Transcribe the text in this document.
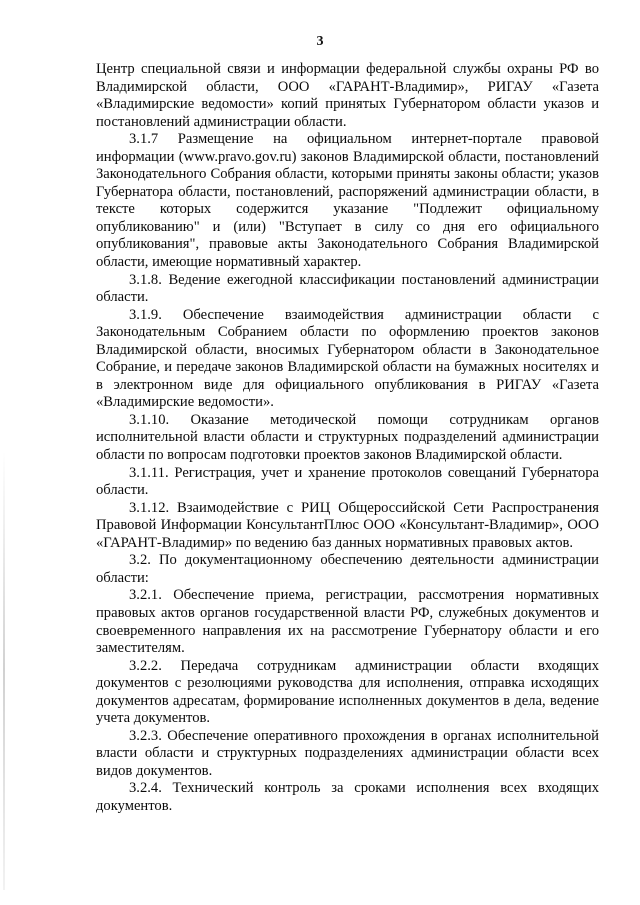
3

Центр специальной связи и информации федеральной службы охраны РФ во Владимирской области, ООО «ГАРАНТ-Владимир», РИГАУ «Газета «Владимирские ведомости» копий принятых Губернатором области указов и постановлений администрации области.

3.1.7 Размещение на официальном интернет-портале правовой информации (www.pravo.gov.ru) законов Владимирской области, постановлений Законодательного Собрания области, которыми приняты законы области; указов Губернатора области, постановлений, распоряжений администрации области, в тексте которых содержится указание "Подлежит официальному опубликованию" и (или) "Вступает в силу со дня его официального опубликования", правовые акты Законодательного Собрания Владимирской области, имеющие нормативный характер.

3.1.8. Ведение ежегодной классификации постановлений администрации области.

3.1.9. Обеспечение взаимодействия администрации области с Законодательным Собранием области по оформлению проектов законов Владимирской области, вносимых Губернатором области в Законодательное Собрание, и передаче законов Владимирской области на бумажных носителях и в электронном виде для официального опубликования в РИГАУ «Газета «Владимирские ведомости».

3.1.10. Оказание методической помощи сотрудникам органов исполнительной власти области и структурных подразделений администрации области по вопросам подготовки проектов законов Владимирской области.

3.1.11. Регистрация, учет и хранение протоколов совещаний Губернатора области.

3.1.12. Взаимодействие с РИЦ Общероссийской Сети Распространения Правовой Информации КонсультантПлюс ООО «Консультант-Владимир», ООО «ГАРАНТ-Владимир» по ведению баз данных нормативных правовых актов.

3.2. По документационному обеспечению деятельности администрации области:

3.2.1. Обеспечение приема, регистрации, рассмотрения нормативных правовых актов органов государственной власти РФ, служебных документов и своевременного направления их на рассмотрение Губернатору области и его заместителям.

3.2.2. Передача сотрудникам администрации области входящих документов с резолюциями руководства для исполнения, отправка исходящих документов адресатам, формирование исполненных документов в дела, ведение учета документов.

3.2.3. Обеспечение оперативного прохождения в органах исполнительной власти области и структурных подразделениях администрации области всех видов документов.

3.2.4. Технический контроль за сроками исполнения всех входящих документов.
